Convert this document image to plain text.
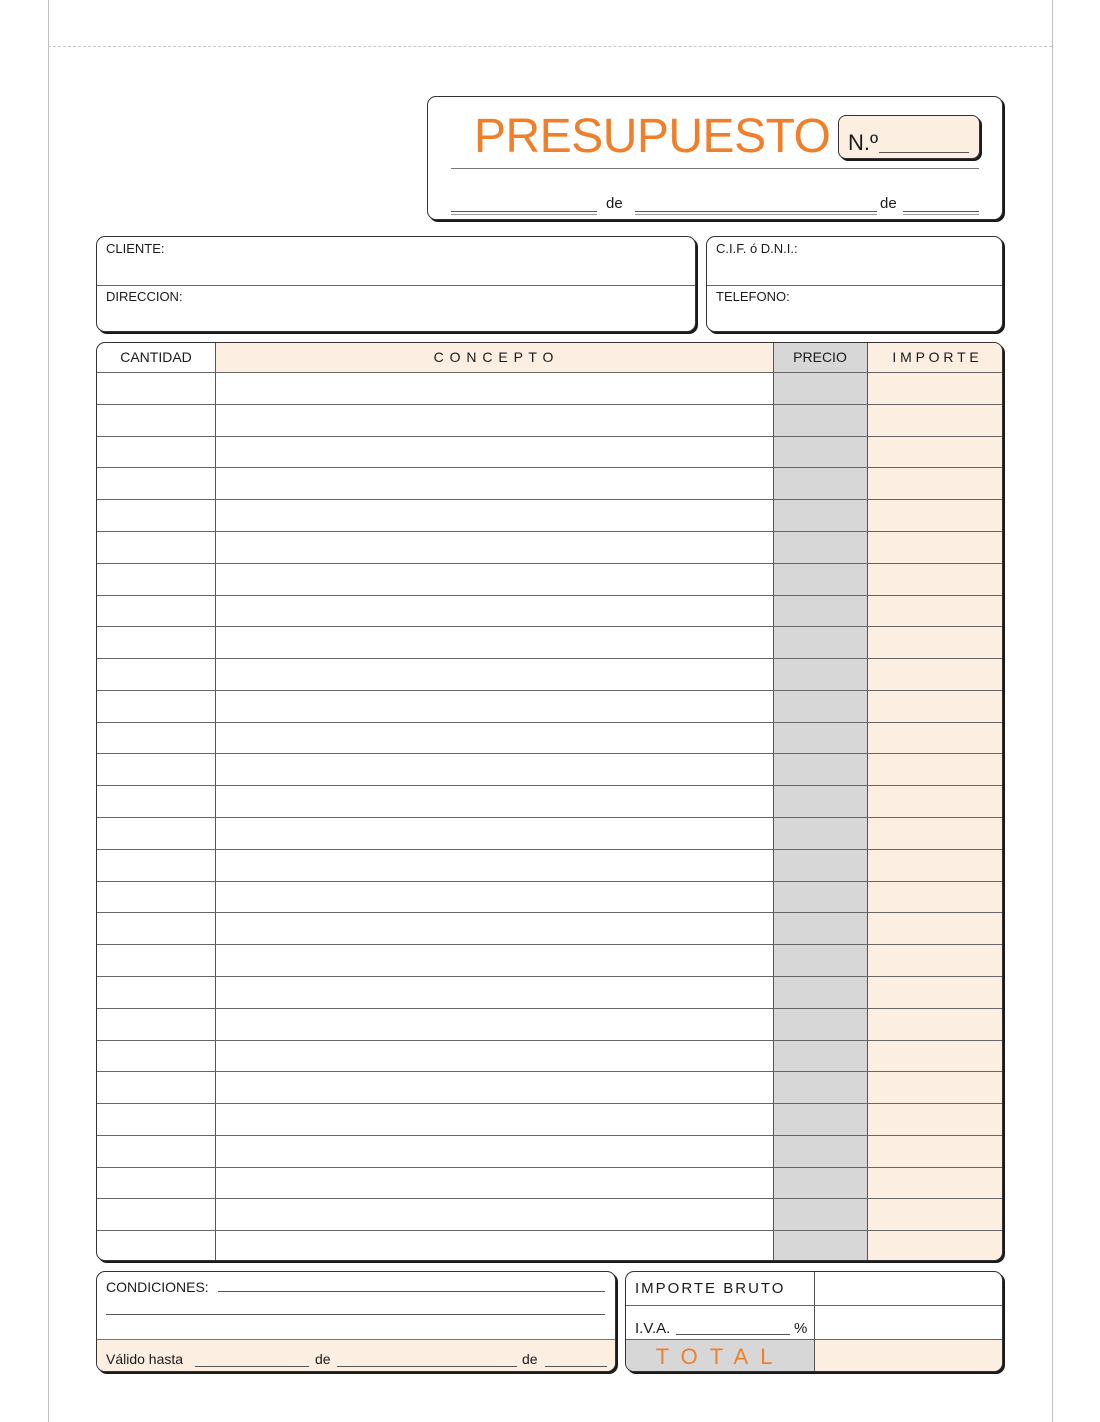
PRESUPUESTO N.º
de	de
CLIENTE:
DIRECCION:
C.I.F. ó D.N.I.:
TELEFONO:
CANTIDAD	C O N C E P T O	PRECIO	I M P O R T E
CONDICIONES:
Válido hasta	de	de
IMPORTE BRUTO
I.V.A.	%
TOTAL
